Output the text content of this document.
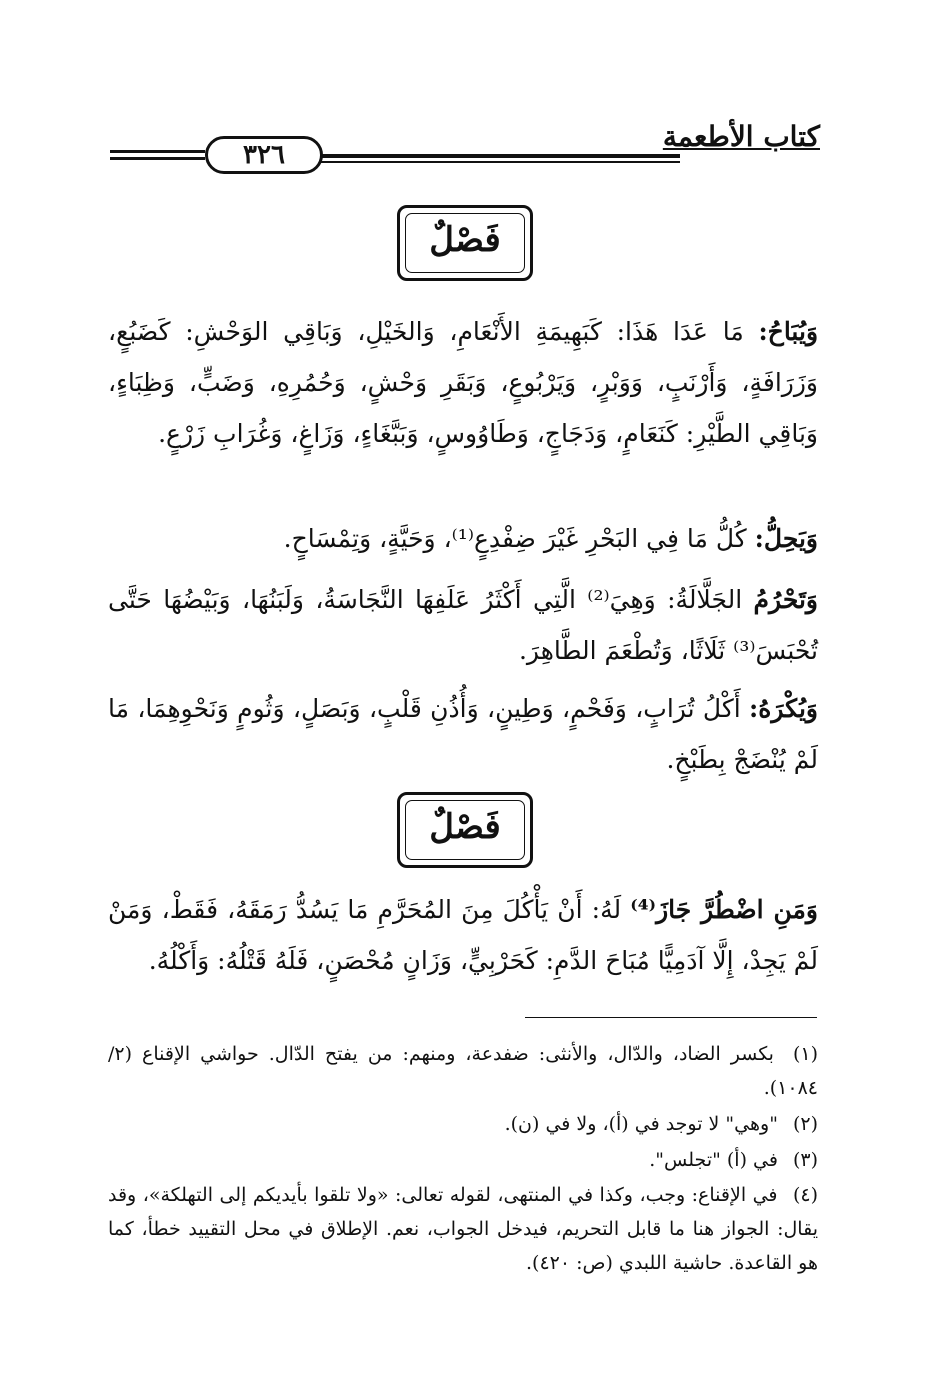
كتاب الأطعمة
٣٢٦
فَصْلٌ
وَيُبَاحُ: مَا عَدَا هَذَا: كَبَهِيمَةِ الأَنْعَامِ، وَالخَيْلِ، وَبَاقِي الوَحْشِ: كَضَبُعٍ، وَزَرَافَةٍ، وَأَرْنَبٍ، وَوَبْرٍ، وَيَرْبُوعٍ، وَبَقَرِ وَحْشٍ، وَحُمُرِهِ، وَضَبٍّ، وَظِبَاءٍ، وَبَاقِي الطَّيْرِ: كَنَعَامٍ، وَدَجَاجٍ، وَطَاوُوسٍ، وَبَبَّغَاءٍ، وَزَاغٍ، وَغُرَابِ زَرْعٍ.
وَيَحِلُّ: كُلُّ مَا فِي البَحْرِ غَيْرَ ضِفْدِعٍ⁽¹⁾، وَحَيَّةٍ، وَتِمْسَاحٍ.
وَتَحْرُمُ الجَلَّالَةُ: وَهِيَ⁽²⁾ الَّتِي أَكْثَرُ عَلَفِهَا النَّجَاسَةُ، وَلَبَنُهَا، وَبَيْضُهَا حَتَّى تُحْبَسَ⁽³⁾ ثَلَاثًا، وَتُطْعَمَ الطَّاهِرَ.
وَيُكْرَهُ: أَكْلُ تُرَابٍ، وَفَحْمٍ، وَطِينٍ، وَأُذُنِ قَلْبٍ، وَبَصَلٍ، وَثُومٍ وَنَحْوِهِمَا، مَا لَمْ يُنْضَجْ بِطَبْخٍ.
فَصْلٌ
وَمَنِ اضْطُرَّ جَازَ⁽⁴⁾ لَهُ: أَنْ يَأْكُلَ مِنَ المُحَرَّمِ مَا يَسُدُّ رَمَقَهُ، فَقَطْ، وَمَنْ لَمْ يَجِدْ، إِلَّا آدَمِيًّا مُبَاحَ الدَّمِ: كَحَرْبِيٍّ، وَزَانٍ مُحْصَنٍ، فَلَهُ قَتْلُهُ: وَأَكْلُهُ.
(١) بكسر الضاد، والدّال، والأنثى: ضفدعة، ومنهم: من يفتح الدّال. حواشي الإقناع (٢/ ١٠٨٤).
(٢) "وهي" لا توجد في (أ)، ولا في (ن).
(٣) في (أ) "تجلس".
(٤) في الإقناع: وجب، وكذا في المنتهى، لقوله تعالى: «ولا تلقوا بأيديكم إلى التهلكة»، وقد يقال: الجواز هنا ما قابل التحريم، فيدخل الجواب، نعم. الإطلاق في محل التقييد خطأ، كما هو القاعدة. حاشية اللبدي (ص: ٤٢٠).
